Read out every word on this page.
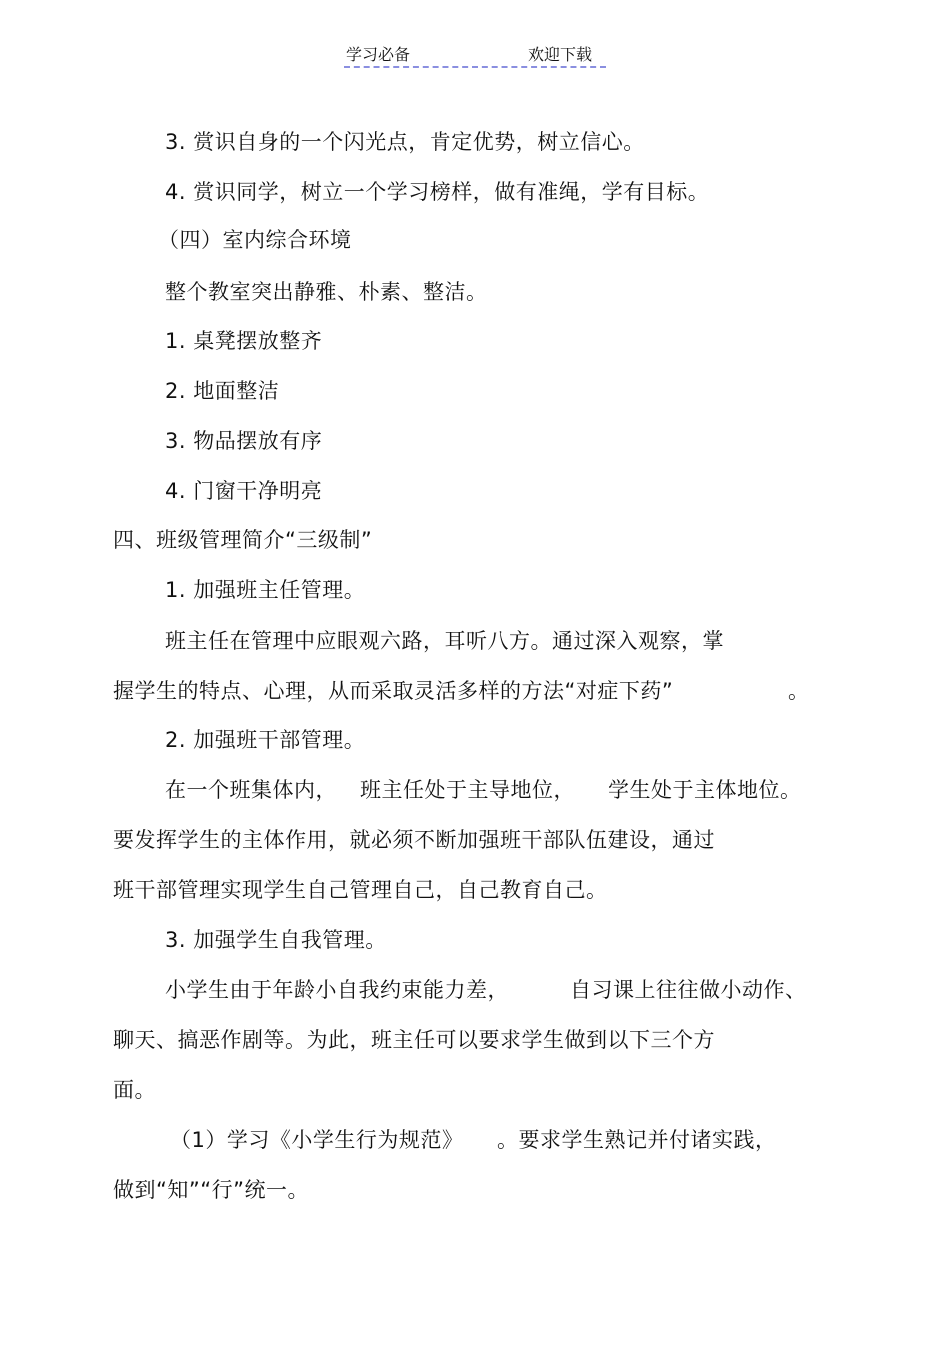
学习必备	欢迎下载
3. 赏识自身的一个闪光点，肯定优势，树立信心。
4. 赏识同学，树立一个学习榜样，做有准绳，学有目标。
（四）室内综合环境
整个教室突出静雅、朴素、整洁。
1. 桌凳摆放整齐
2. 地面整洁
3. 物品摆放有序
4. 门窗干净明亮
四、班级管理简介“三级制”
1. 加强班主任管理。
班主任在管理中应眼观六路，耳听八方。通过深入观察，掌
握学生的特点、心理，从而采取灵活多样的方法“对症下药”	。
2. 加强班干部管理。
在一个班集体内， 班主任处于主导地位， 学生处于主体地位。
要发挥学生的主体作用，就必须不断加强班干部队伍建设，通过
班干部管理实现学生自己管理自己，自己教育自己。
3. 加强学生自我管理。
小学生由于年龄小自我约束能力差，	自习课上往往做小动作、
聊天、搞恶作剧等。为此，班主任可以要求学生做到以下三个方
面。
（1）学习《小学生行为规范》 。要求学生熟记并付诸实践，
做到“知”“行”统一。
